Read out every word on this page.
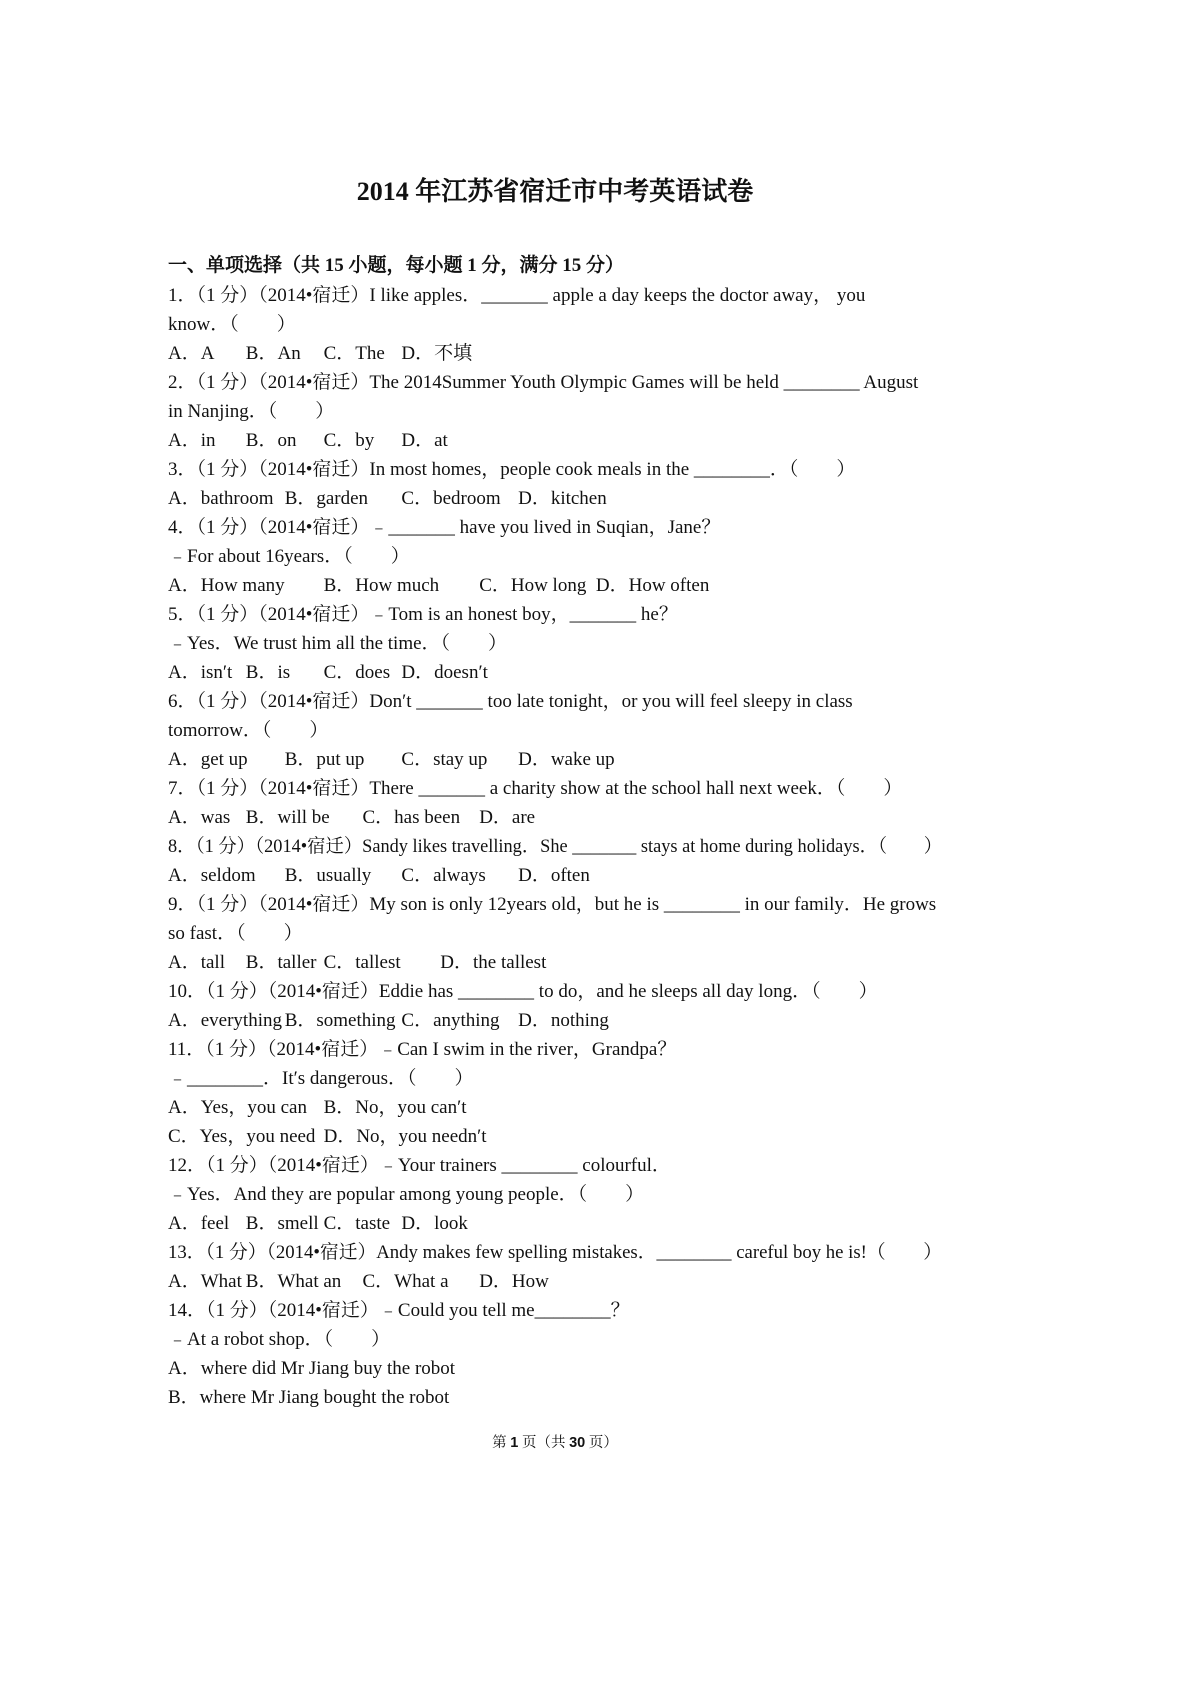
2014 年江苏省宿迁市中考英语试卷
一、单项选择（共 15 小题，每小题 1 分，满分 15 分）
1．（1 分）（2014•宿迁）I like apples．_______ apple a day keeps the doctor away， you
know．（　　）
A．A B．An C．The D．不填
2．（1 分）（2014•宿迁）The 2014Summer Youth Olympic Games will be held ________ August
in Nanjing．（　　）
A．in B．on C．by D．at
3．（1 分）（2014•宿迁）In most homes，people cook meals in the ________．（　　）
A．bathroom B．garden C．bedroom D．kitchen
4．（1 分）（2014•宿迁）﹣_______ have you lived in Suqian，Jane？
﹣For about 16years．（　　）
A．How many B．How much C．How long D．How often
5．（1 分）（2014•宿迁）﹣Tom is an honest boy，_______ he？
﹣Yes．We trust him all the time．（　　）
A．isn′t B．is C．does D．doesn′t
6．（1 分）（2014•宿迁）Don′t _______ too late tonight，or you will feel sleepy in class
tomorrow．（　　）
A．get up B．put up C．stay up D．wake up
7．（1 分）（2014•宿迁）There _______ a charity show at the school hall next week．（　　）
A．was B．will be C．has been D．are
8．（1 分）（2014•宿迁）Sandy likes travelling．She _______ stays at home during holidays．（　　）
A．seldom B．usually C．always D．often
9．（1 分）（2014•宿迁）My son is only 12years old，but he is ________ in our family．He grows
so fast．（　　）
A．tall B．taller C．tallest D．the tallest
10．（1 分）（2014•宿迁）Eddie has ________ to do，and he sleeps all day long．（　　）
A．everything B．something C．anything D．nothing
11．（1 分）（2014•宿迁）﹣Can I swim in the river，Grandpa？
﹣________．It′s dangerous．（　　）
A．Yes，you can B．No，you can′t
C．Yes，you need D．No，you needn′t
12．（1 分）（2014•宿迁）﹣Your trainers ________ colourful．
﹣Yes．And they are popular among young people．（　　）
A．feel B．smell C．taste D．look
13．（1 分）（2014•宿迁）Andy makes few spelling mistakes．________ careful boy he is!（　　）
A．What B．What an C．What a D．How
14．（1 分）（2014•宿迁）﹣Could you tell me________？
﹣At a robot shop．（　　）
A．where did Mr Jiang buy the robot
B．where Mr Jiang bought the robot
第 1 页（共 30 页）
